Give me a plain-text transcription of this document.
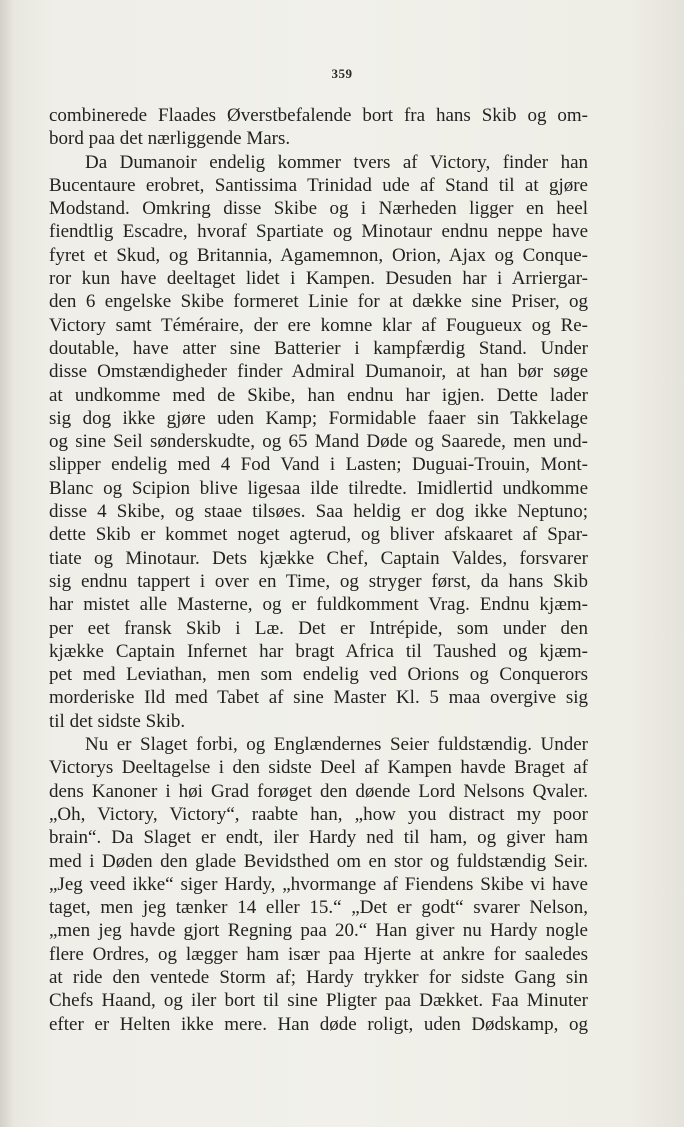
359
combinerede Flaades Øverstbefalende bort fra hans Skib og om-
bord paa det nærliggende Mars.
Da Dumanoir endelig kommer tvers af Victory, finder han
Bucentaure erobret, Santissima Trinidad ude af Stand til at gjøre
Modstand. Omkring disse Skibe og i Nærheden ligger en heel
fiendtlig Escadre, hvoraf Spartiate og Minotaur endnu neppe have
fyret et Skud, og Britannia, Agamemnon, Orion, Ajax og Conque-
ror kun have deeltaget lidet i Kampen. Desuden har i Arriergar-
den 6 engelske Skibe formeret Linie for at dække sine Priser, og
Victory samt Téméraire, der ere komne klar af Fougueux og Re-
doutable, have atter sine Batterier i kampfærdig Stand. Under
disse Omstændigheder finder Admiral Dumanoir, at han bør søge
at undkomme med de Skibe, han endnu har igjen. Dette lader
sig dog ikke gjøre uden Kamp; Formidable faaer sin Takkelage
og sine Seil sønderskudte, og 65 Mand Døde og Saarede, men und-
slipper endelig med 4 Fod Vand i Lasten; Duguai-Trouin, Mont-
Blanc og Scipion blive ligesaa ilde tilredte. Imidlertid undkomme
disse 4 Skibe, og staae tilsøes. Saa heldig er dog ikke Neptuno;
dette Skib er kommet noget agterud, og bliver afskaaret af Spar-
tiate og Minotaur. Dets kjække Chef, Captain Valdes, forsvarer
sig endnu tappert i over en Time, og stryger først, da hans Skib
har mistet alle Masterne, og er fuldkomment Vrag. Endnu kjæm-
per eet fransk Skib i Læ. Det er Intrépide, som under den
kjække Captain Infernet har bragt Africa til Taushed og kjæm-
pet med Leviathan, men som endelig ved Orions og Conquerors
morderiske Ild med Tabet af sine Master Kl. 5 maa overgive sig
til det sidste Skib.
Nu er Slaget forbi, og Englændernes Seier fuldstændig. Under
Victorys Deeltagelse i den sidste Deel af Kampen havde Braget af
dens Kanoner i høi Grad forøget den døende Lord Nelsons Qvaler.
„Oh, Victory, Victory“, raabte han, „how you distract my poor
brain“. Da Slaget er endt, iler Hardy ned til ham, og giver ham
med i Døden den glade Bevidsthed om en stor og fuldstændig Seir.
„Jeg veed ikke“ siger Hardy, „hvormange af Fiendens Skibe vi have
taget, men jeg tænker 14 eller 15.“ „Det er godt“ svarer Nelson,
„men jeg havde gjort Regning paa 20.“ Han giver nu Hardy nogle
flere Ordres, og lægger ham især paa Hjerte at ankre for saaledes
at ride den ventede Storm af; Hardy trykker for sidste Gang sin
Chefs Haand, og iler bort til sine Pligter paa Dækket. Faa Minuter
efter er Helten ikke mere. Han døde roligt, uden Dødskamp, og
